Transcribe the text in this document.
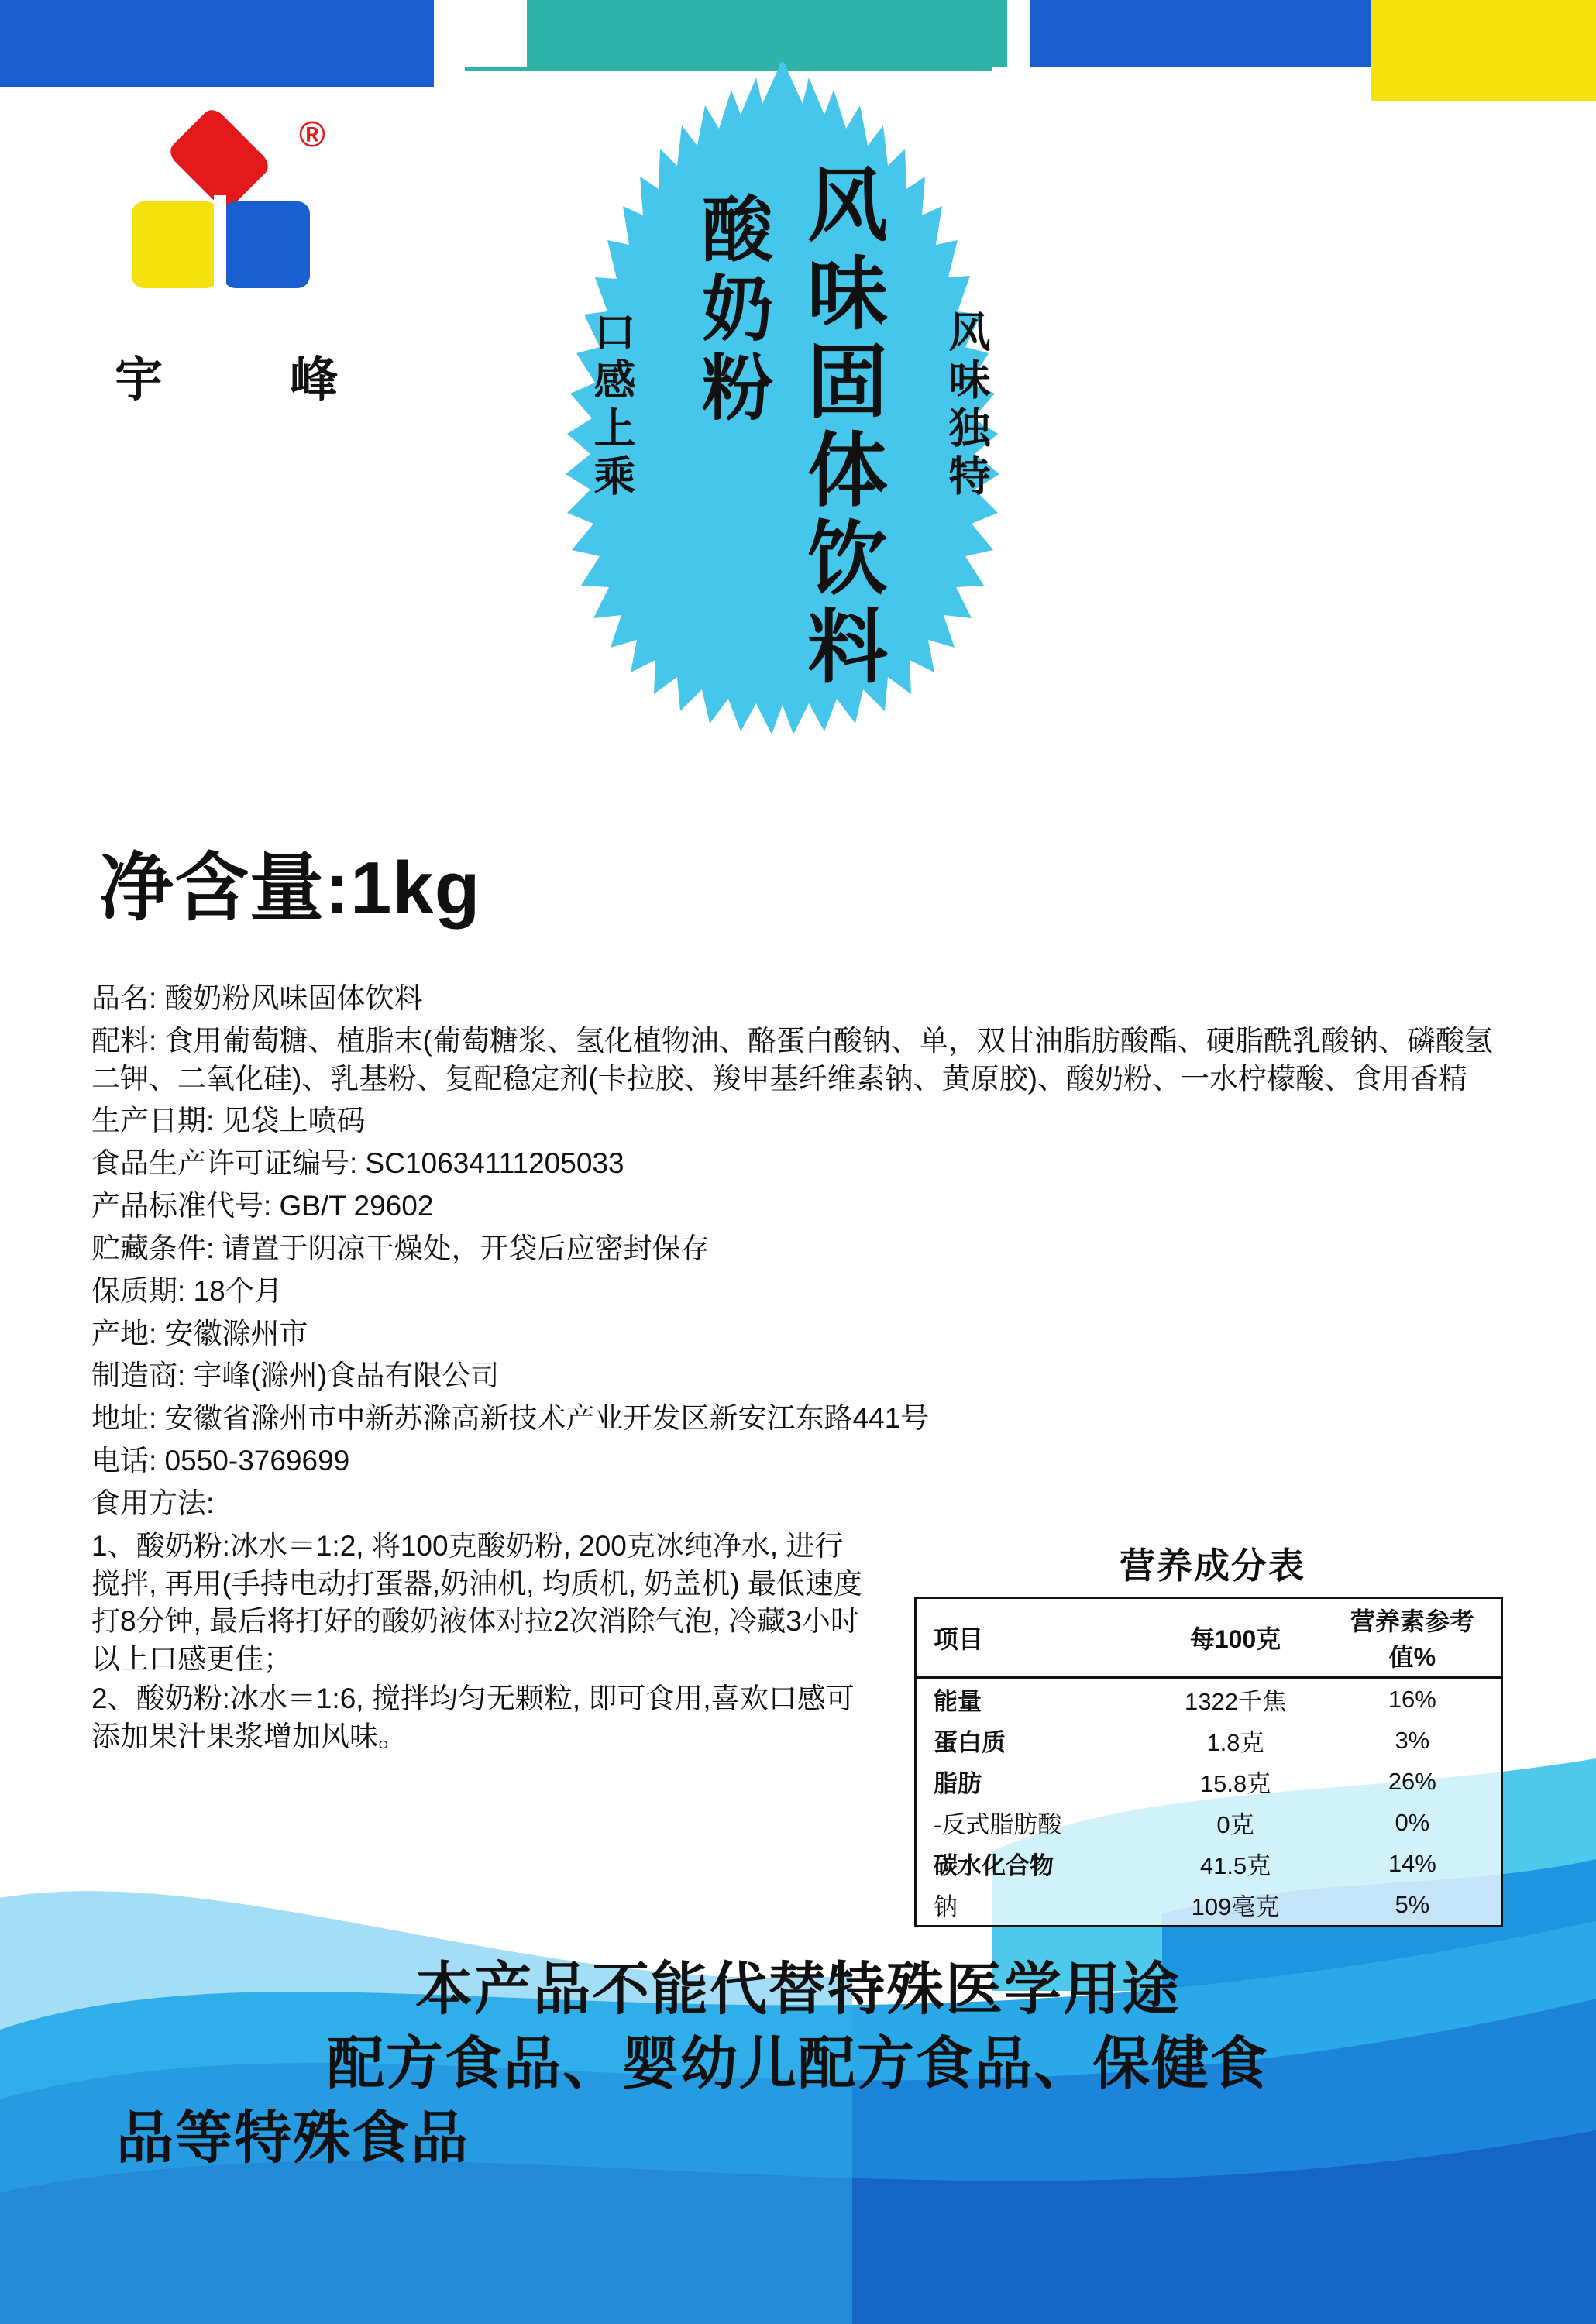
®
宇	峰	风味固体饮料
酸奶粉
口感上乘	风味独特
净含量:1kg

品名: 酸奶粉风味固体饮料

配料: 食用葡萄糖、植脂末(葡萄糖浆、氢化植物油、酪蛋白酸钠、单，双甘油脂肪酸酯、硬脂酰乳酸钠、磷酸氢二钾、二氧化硅)、乳基粉、复配稳定剂(卡拉胶、羧甲基纤维素钠、黄原胶)、酸奶粉、一水柠檬酸、食用香精

生产日期: 见袋上喷码

食品生产许可证编号: SC10634111205033

产品标准代号: GB/T 29602

贮藏条件: 请置于阴凉干燥处，开袋后应密封保存

保质期: 18个月

产地: 安徽滁州市

制造商: 宇峰(滁州)食品有限公司

地址: 安徽省滁州市中新苏滁高新技术产业开发区新安江东路441号

电话: 0550-3769699

食用方法:

1、酸奶粉:冰水＝1:2, 将100克酸奶粉, 200克冰纯净水, 进行搅拌, 再用(手持电动打蛋器,奶油机, 均质机, 奶盖机) 最低速度打8分钟, 最后将打好的酸奶液体对拉2次消除气泡, 冷藏3小时以上口感更佳；

2、酸奶粉:冰水＝1:6, 搅拌均匀无颗粒, 即可食用,喜欢口感可添加果汁果浆增加风味。

营养成分表
项目	每100克	营养素参考值%
能量	1322千焦	16%
蛋白质	1.8克	3%
脂肪	15.8克	26%
-反式脂肪酸	0克	0%
碳水化合物	41.5克	14%
钠	109毫克	5%
本产品不能代替特殊医学用途
配方食品、婴幼儿配方食品、保健食
品等特殊食品
